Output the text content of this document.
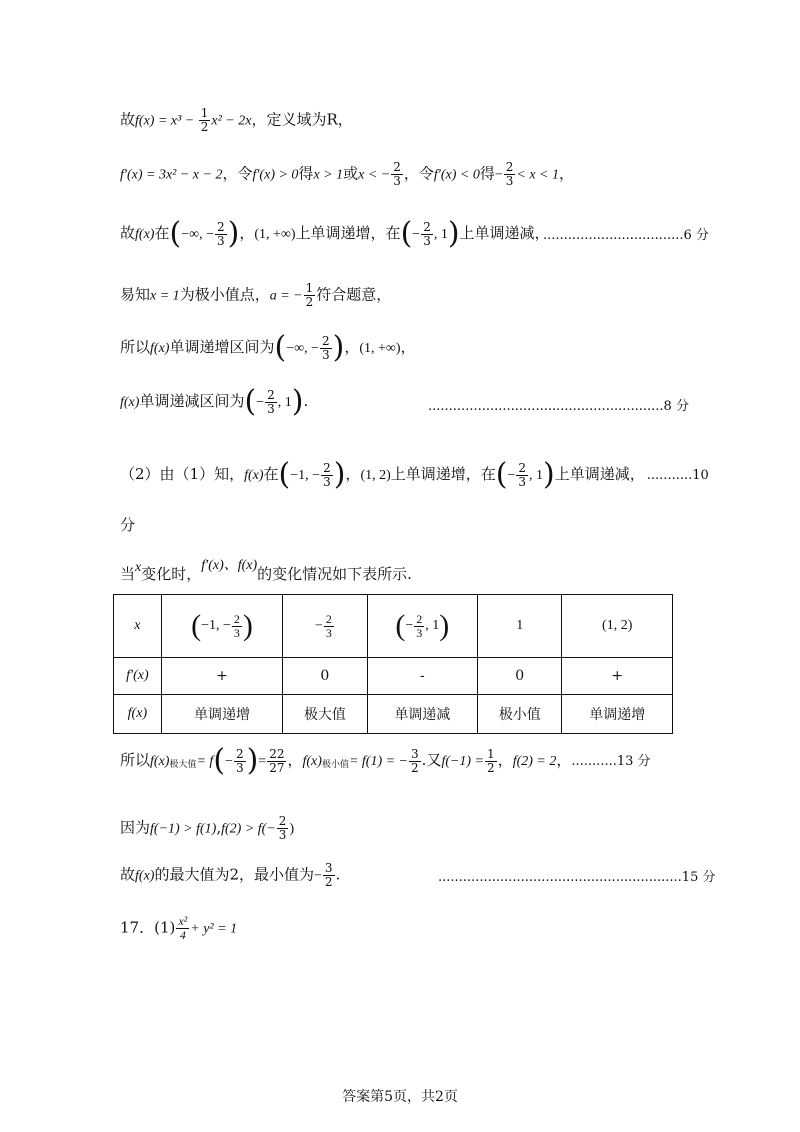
故$f(x) = x^3 - \frac{1}{2} x^2 - 2x$，定义域为R，
f′(x) = 3x² − x − 2，令f′(x) > 0得x > 1或x < − $\frac{2}{3}$ ，令f′(x) < 0得− $\frac{2}{3} < x < 1$，
故f(x)在(−∞, − $\frac{2}{3}$ )，(1, +∞)上单调递增，在(− $\frac{2}{3}$ , 1)上单调递减，
..................................6 分
易知x = 1为极小值点，a = − $\frac{1}{2}$ 符合题意，
所以f(x)单调递增区间为(−∞, − $\frac{2}{3}$ )，(1, +∞)，
f(x)单调递减区间为(− $\frac{2}{3}$ , 1).	.........................................................8 分
（2）由（1）知，f(x)在(−1, − $\frac{2}{3}$ )，(1, 2)上单调递增，在(− $\frac{2}{3}$ , 1)上单调递减， ...........10
分
当x变化时，f′(x)、f(x)的变化情况如下表所示.
x	(−1, − $\frac{2}{3}$ )	− $\frac{2}{3}$	(− $\frac{2}{3}$ , 1)	1	(1, 2)
f′(x)	+	0	-	0	+
f(x)	单调递增	极大值	单调递减	极小值	单调递增
所以$f(x)_{极大值}= f(- \frac{2}{3}$ )= $\frac{22}{27}$ ，$f(x)_{极小值}= f(1)$ = − $\frac{3}{2}$ .又$f(-1) = \frac{1}{2}$ ，f(2) = 2，...........13 分
因为$f(-1) > f(1),f(2) > f(- \frac{2}{3}$ )
故f(x)的最大值为2，最小值为− $\frac{3}{2}$ .	...........................................................15 分
17．$(1) \frac{\text{x²}}{4} + y^2 = 1$
答案第5页，共2页
